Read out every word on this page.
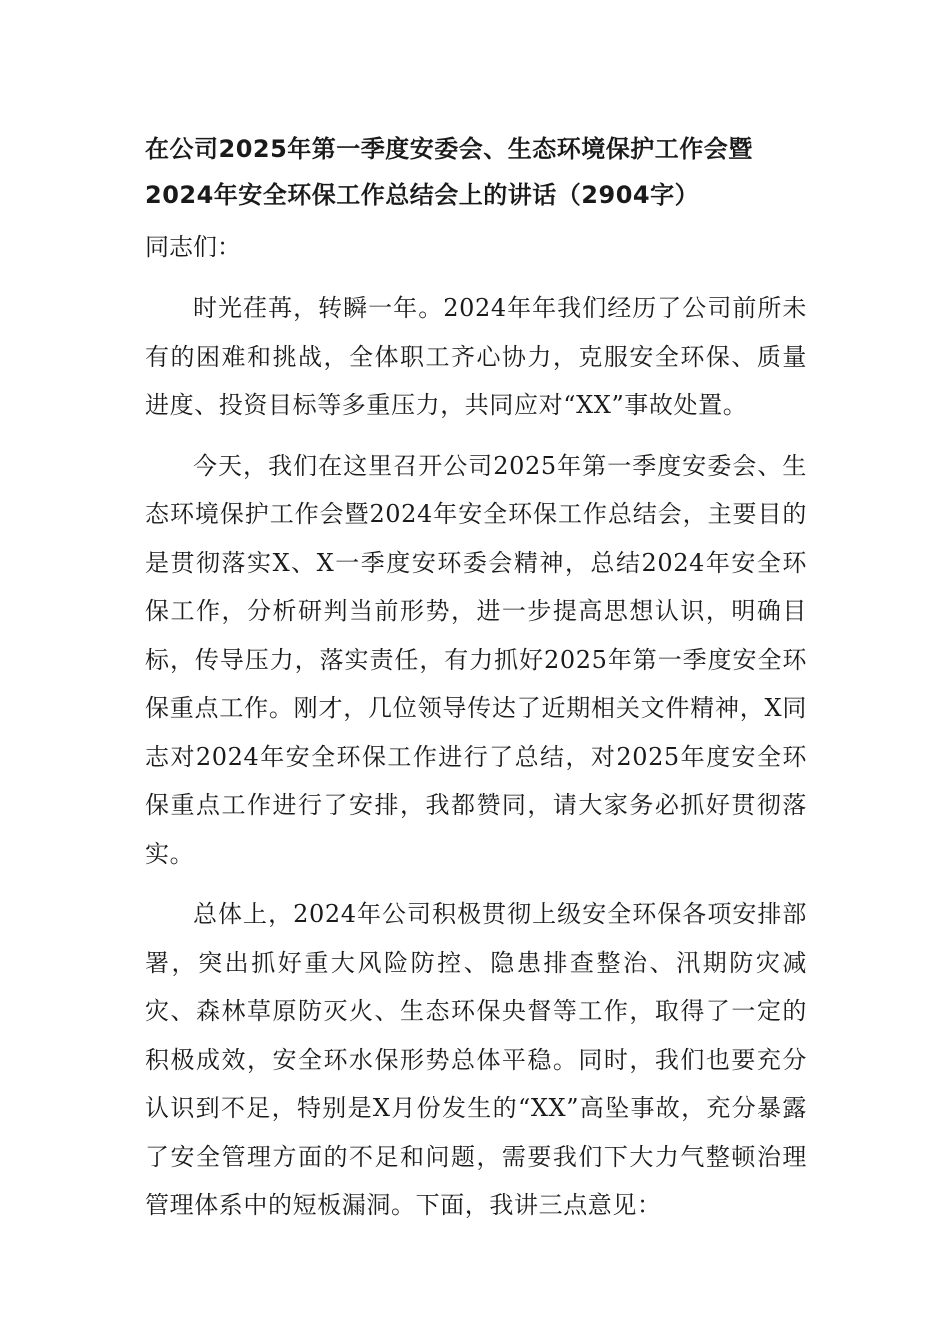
在公司2025年第一季度安委会、生态环境保护工作会暨
2024年安全环保工作总结会上的讲话（2904字）

同志们：

时光荏苒，转瞬一年。2024年年我们经历了公司前所未有的困难和挑战，全体职工齐心协力，克服安全环保、质量进度、投资目标等多重压力，共同应对“XX”事故处置。

今天，我们在这里召开公司2025年第一季度安委会、生态环境保护工作会暨2024年安全环保工作总结会，主要目的是贯彻落实X、X一季度安环委会精神，总结2024年安全环保工作，分析研判当前形势，进一步提高思想认识，明确目标，传导压力，落实责任，有力抓好2025年第一季度安全环保重点工作。刚才，几位领导传达了近期相关文件精神，X同志对2024年安全环保工作进行了总结，对2025年度安全环保重点工作进行了安排，我都赞同，请大家务必抓好贯彻落实。

总体上，2024年公司积极贯彻上级安全环保各项安排部署，突出抓好重大风险防控、隐患排查整治、汛期防灾减灾、森林草原防灭火、生态环保央督等工作，取得了一定的积极成效，安全环水保形势总体平稳。同时，我们也要充分认识到不足，特别是X月份发生的“XX”高坠事故，充分暴露了安全管理方面的不足和问题，需要我们下大力气整顿治理管理体系中的短板漏洞。下面，我讲三点意见：
